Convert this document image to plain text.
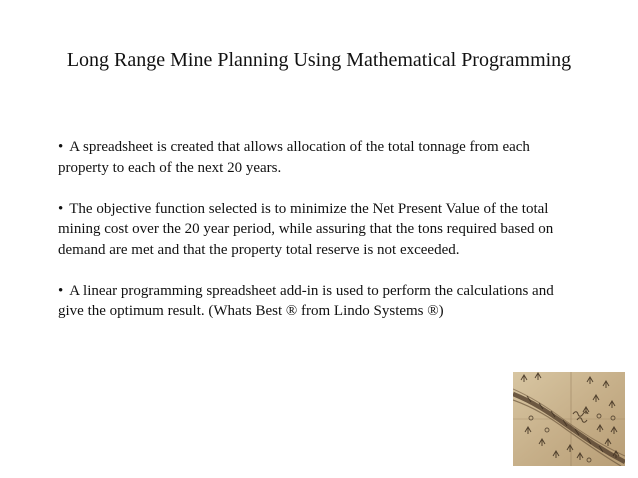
Long Range Mine Planning Using Mathematical Programming

• A spreadsheet is created that allows allocation of the total tonnage from each property to each of the next 20 years.

• The objective function selected is to minimize the Net Present Value of the total mining cost over the 20 year period, while assuring that the tons required based on demand are met and that the property total reserve is not exceeded.

• A linear programming spreadsheet add-in is used to perform the calculations and give the optimum result. (Whats Best ® from Lindo Systems ®)
